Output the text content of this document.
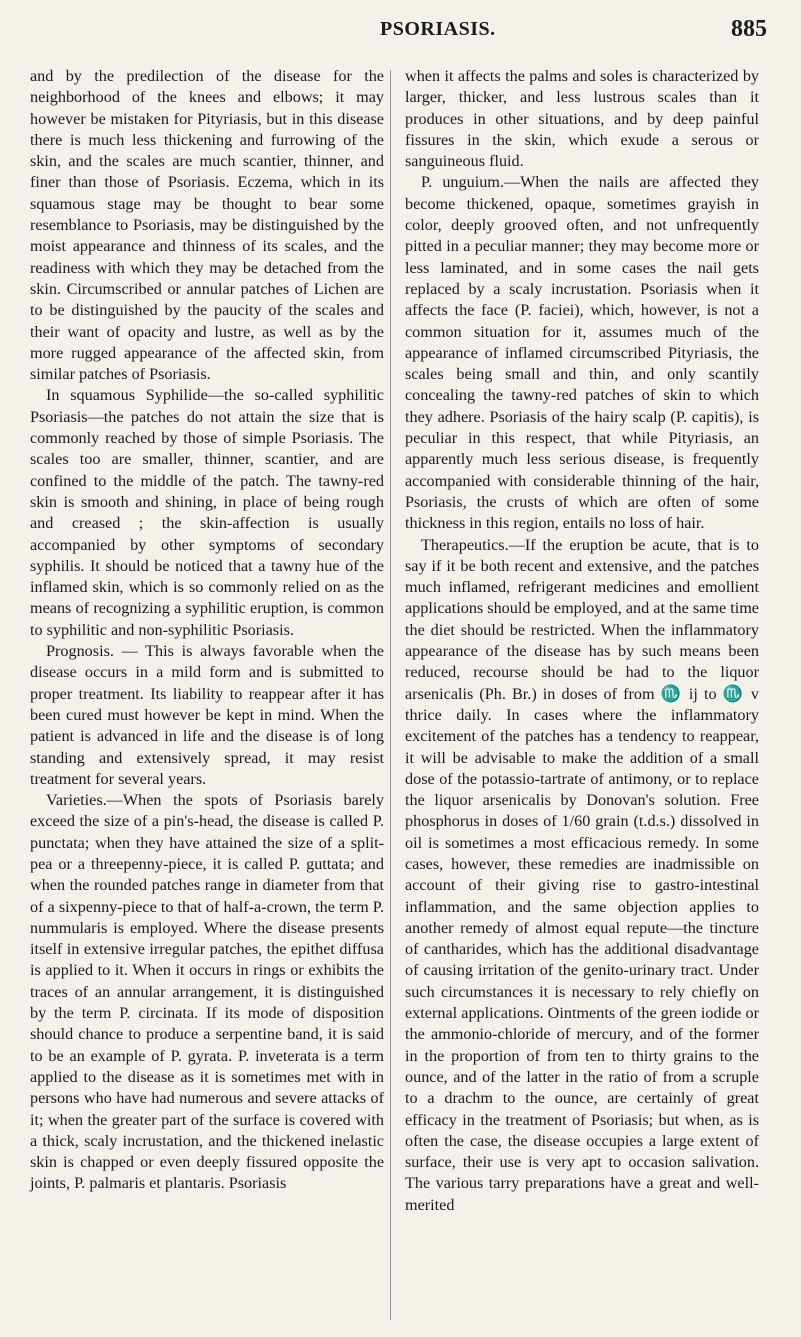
PSORIASIS.	885

and by the predilection of the disease for the neighborhood of the knees and elbows; it may however be mistaken for Pityriasis, but in this disease there is much less thickening and furrowing of the skin, and the scales are much scantier, thinner, and finer than those of Psoriasis. Eczema, which in its squamous stage may be thought to bear some resemblance to Psoriasis, may be distinguished by the moist appearance and thinness of its scales, and the readiness with which they may be detached from the skin. Circumscribed or annular patches of Lichen are to be distinguished by the paucity of the scales and their want of opacity and lustre, as well as by the more rugged appearance of the affected skin, from similar patches of Psoriasis.

In squamous Syphilide—the so-called syphilitic Psoriasis—the patches do not attain the size that is commonly reached by those of simple Psoriasis. The scales too are smaller, thinner, scantier, and are confined to the middle of the patch. The tawny-red skin is smooth and shining, in place of being rough and creased ; the skin-affection is usually accompanied by other symptoms of secondary syphilis. It should be noticed that a tawny hue of the inflamed skin, which is so commonly relied on as the means of recognizing a syphilitic eruption, is common to syphilitic and non-syphilitic Psoriasis.

Prognosis. — This is always favorable when the disease occurs in a mild form and is submitted to proper treatment. Its liability to reappear after it has been cured must however be kept in mind. When the patient is advanced in life and the disease is of long standing and extensively spread, it may resist treatment for several years.

Varieties.—When the spots of Psoriasis barely exceed the size of a pin's-head, the disease is called P. punctata; when they have attained the size of a split-pea or a threepenny-piece, it is called P. guttata; and when the rounded patches range in diameter from that of a sixpenny-piece to that of half-a-crown, the term P. nummularis is employed. Where the disease presents itself in extensive irregular patches, the epithet diffusa is applied to it. When it occurs in rings or exhibits the traces of an annular arrangement, it is distinguished by the term P. circinata. If its mode of disposition should chance to produce a serpentine band, it is said to be an example of P. gyrata. P. inveterata is a term applied to the disease as it is sometimes met with in persons who have had numerous and severe attacks of it; when the greater part of the surface is covered with a thick, scaly incrustation, and the thickened inelastic skin is chapped or even deeply fissured opposite the joints, P. palmaris et plantaris. Psoriasis

when it affects the palms and soles is characterized by larger, thicker, and less lustrous scales than it produces in other situations, and by deep painful fissures in the skin, which exude a serous or sanguineous fluid.

P. unguium.—When the nails are affected they become thickened, opaque, sometimes grayish in color, deeply grooved often, and not unfrequently pitted in a peculiar manner; they may become more or less laminated, and in some cases the nail gets replaced by a scaly incrustation. Psoriasis when it affects the face (P. faciei), which, however, is not a common situation for it, assumes much of the appearance of inflamed circumscribed Pityriasis, the scales being small and thin, and only scantily concealing the tawny-red patches of skin to which they adhere. Psoriasis of the hairy scalp (P. capitis), is peculiar in this respect, that while Pityriasis, an apparently much less serious disease, is frequently accompanied with considerable thinning of the hair, Psoriasis, the crusts of which are often of some thickness in this region, entails no loss of hair.

Therapeutics.—If the eruption be acute, that is to say if it be both recent and extensive, and the patches much inflamed, refrigerant medicines and emollient applications should be employed, and at the same time the diet should be restricted. When the inflammatory appearance of the disease has by such means been reduced, recourse should be had to the liquor arsenicalis (Ph. Br.) in doses of from ♏ ij to ♏ v thrice daily. In cases where the inflammatory excitement of the patches has a tendency to reappear, it will be advisable to make the addition of a small dose of the potassio-tartrate of antimony, or to replace the liquor arsenicalis by Donovan's solution. Free phosphorus in doses of 1/60 grain (t.d.s.) dissolved in oil is sometimes a most efficacious remedy. In some cases, however, these remedies are inadmissible on account of their giving rise to gastro-intestinal inflammation, and the same objection applies to another remedy of almost equal repute—the tincture of cantharides, which has the additional disadvantage of causing irritation of the genito-urinary tract. Under such circumstances it is necessary to rely chiefly on external applications. Ointments of the green iodide or the ammonio-chloride of mercury, and of the former in the proportion of from ten to thirty grains to the ounce, and of the latter in the ratio of from a scruple to a drachm to the ounce, are certainly of great efficacy in the treatment of Psoriasis; but when, as is often the case, the disease occupies a large extent of surface, their use is very apt to occasion salivation. The various tarry preparations have a great and well-merited
